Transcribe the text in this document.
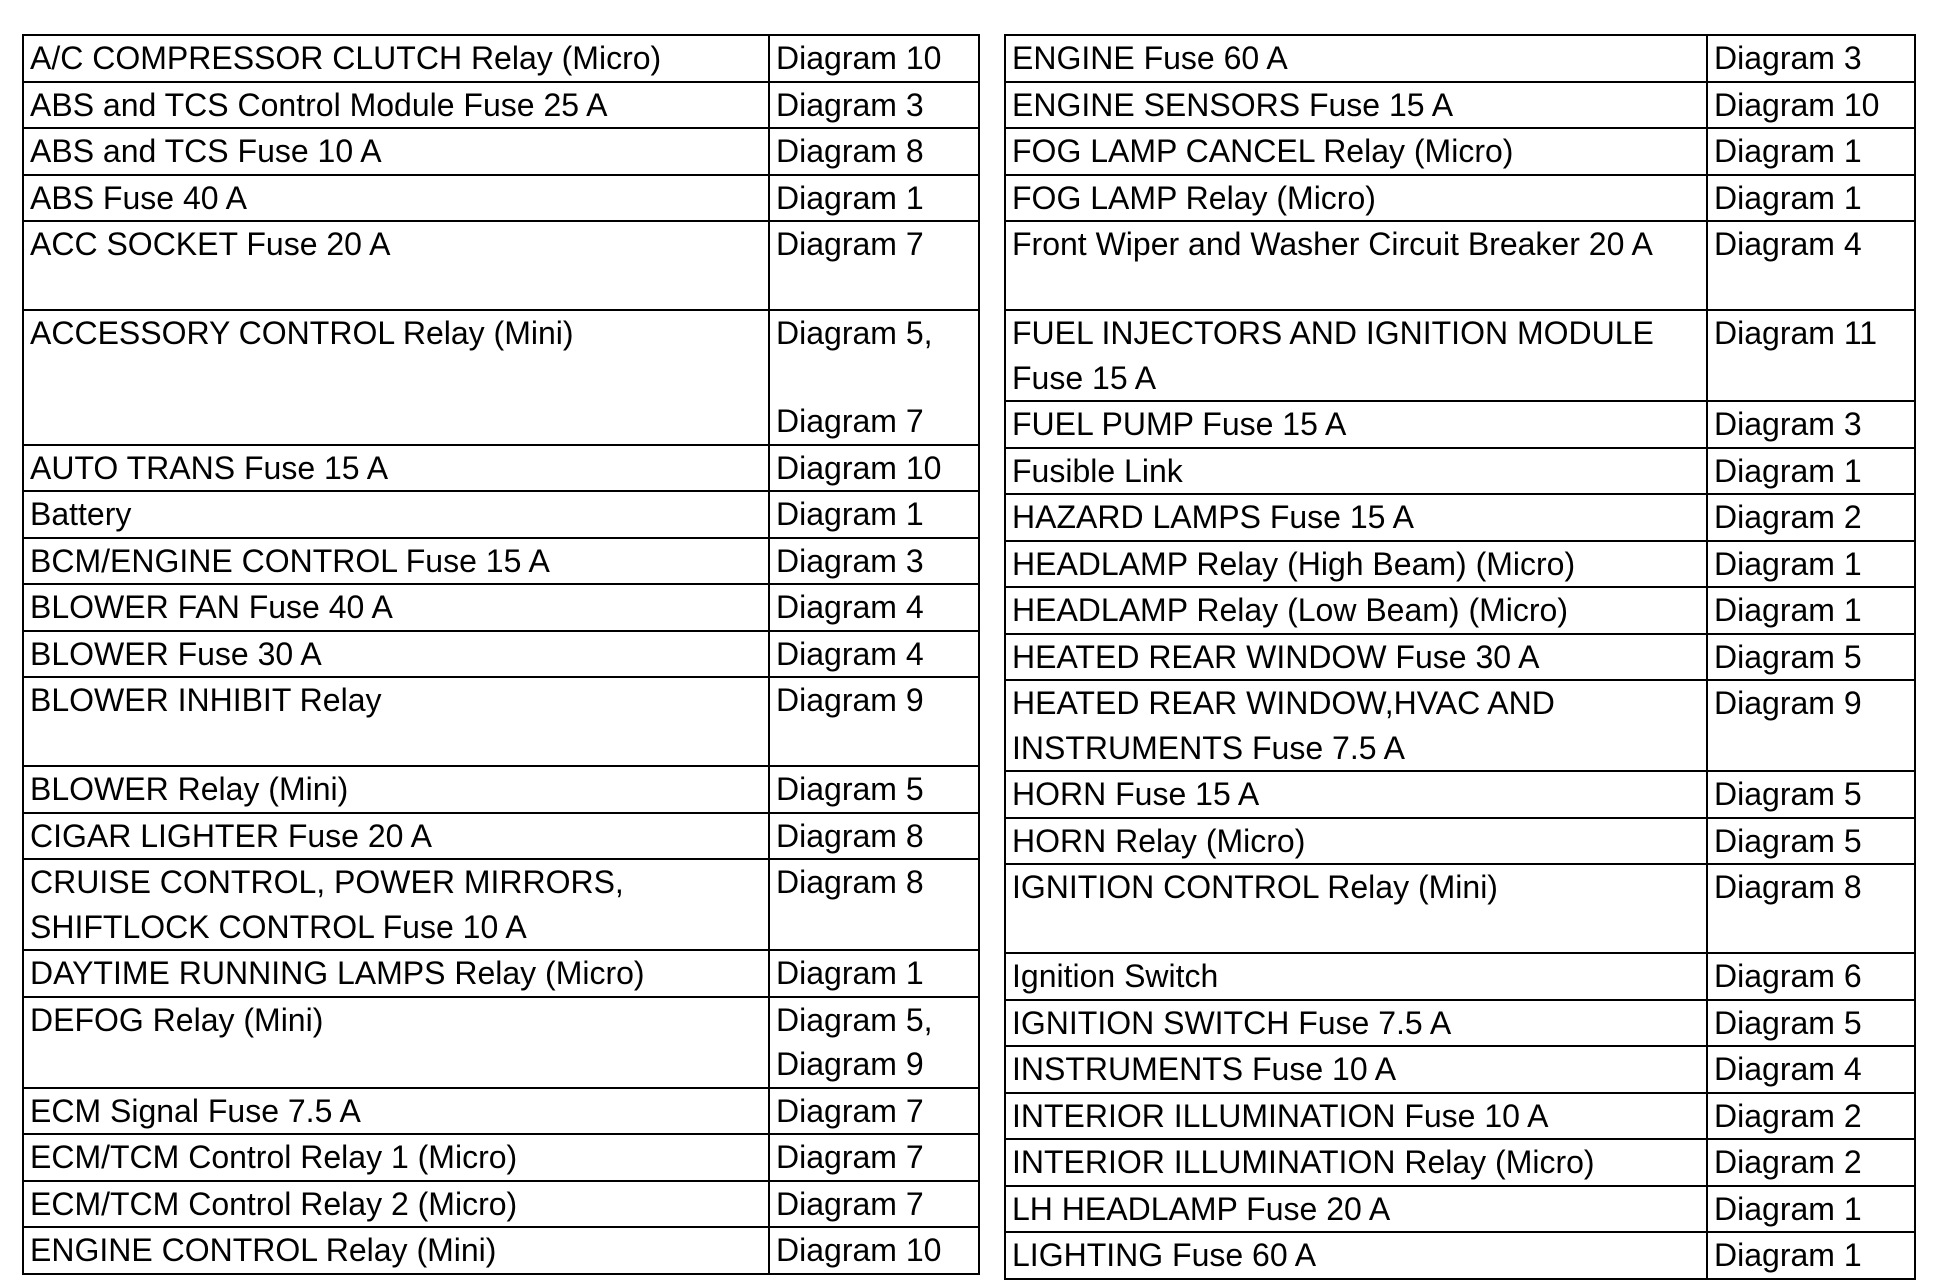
A/C COMPRESSOR CLUTCH Relay (Micro)	Diagram 10
ABS and TCS Control Module Fuse 25 A	Diagram 3
ABS and TCS Fuse 10 A	Diagram 8
ABS Fuse 40 A	Diagram 1
ACC SOCKET Fuse 20 A	Diagram 7
ACCESSORY CONTROL Relay (Mini)	Diagram 5,
	Diagram 7
AUTO TRANS Fuse 15 A	Diagram 10
Battery	Diagram 1
BCM/ENGINE CONTROL Fuse 15 A	Diagram 3
BLOWER FAN Fuse 40 A	Diagram 4
BLOWER Fuse 30 A	Diagram 4
BLOWER INHIBIT Relay	Diagram 9
BLOWER Relay (Mini)	Diagram 5
CIGAR LIGHTER Fuse 20 A	Diagram 8
CRUISE CONTROL, POWER MIRRORS, SHIFTLOCK CONTROL Fuse 10 A	Diagram 8
DAYTIME RUNNING LAMPS Relay (Micro)	Diagram 1
DEFOG Relay (Mini)	Diagram 5,
	Diagram 9
ECM Signal Fuse 7.5 A	Diagram 7
ECM/TCM Control Relay 1 (Micro)	Diagram 7
ECM/TCM Control Relay 2 (Micro)	Diagram 7
ENGINE CONTROL Relay (Mini)	Diagram 10
ENGINE Fuse 60 A	Diagram 3
ENGINE SENSORS Fuse 15 A	Diagram 10
FOG LAMP CANCEL Relay (Micro)	Diagram 1
FOG LAMP Relay (Micro)	Diagram 1
Front Wiper and Washer Circuit Breaker 20 A	Diagram 4
FUEL INJECTORS AND IGNITION MODULE Fuse 15 A	Diagram 11
FUEL PUMP Fuse 15 A	Diagram 3
Fusible Link	Diagram 1
HAZARD LAMPS Fuse 15 A	Diagram 2
HEADLAMP Relay (High Beam) (Micro)	Diagram 1
HEADLAMP Relay (Low Beam) (Micro)	Diagram 1
HEATED REAR WINDOW Fuse 30 A	Diagram 5
HEATED REAR WINDOW,HVAC AND INSTRUMENTS Fuse 7.5 A	Diagram 9
HORN Fuse 15 A	Diagram 5
HORN Relay (Micro)	Diagram 5
IGNITION CONTROL Relay (Mini)	Diagram 8
Ignition Switch	Diagram 6
IGNITION SWITCH Fuse 7.5 A	Diagram 5
INSTRUMENTS Fuse 10 A	Diagram 4
INTERIOR ILLUMINATION Fuse 10 A	Diagram 2
INTERIOR ILLUMINATION Relay (Micro)	Diagram 2
LH HEADLAMP Fuse 20 A	Diagram 1
LIGHTING Fuse 60 A	Diagram 1
